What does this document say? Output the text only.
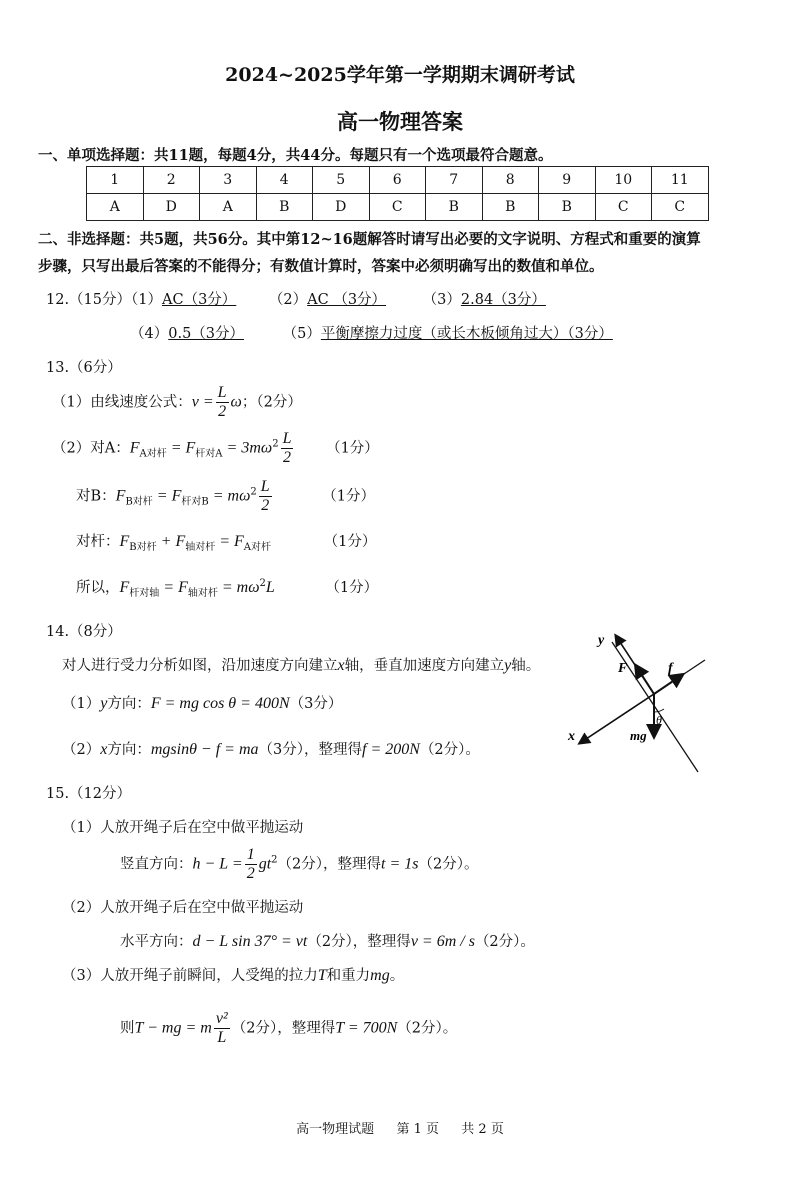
2024~2025学年第一学期期末调研考试
高一物理答案
一、单项选择题：共11题，每题4分，共44分。每题只有一个选项最符合题意。
1	2	3	4	5	6	7	8	9	10	11
A	D	A	B	D	C	B	B	B	C	C
二、非选择题：共5题，共56分。其中第12~16题解答时请写出必要的文字说明、方程式和重要的演算
步骤，只写出最后答案的不能得分；有数值计算时，答案中必须明确写出的数值和单位。
12.（15分）（1）AC（3分） （2）AC （3分）	（3）2.84（3分）
（4）0.5（3分）	（5）平衡摩擦力过度（或长木板倾角过大）（3分）
13.（6分）
（1）由线速度公式：$v = \frac{L}{2}$ ω；（2分）
（2）对A：$F_{A对杆} = F_{杆对A} = 3m\omega^2 \frac{L}{2} (1$分）
对B：$F_{B对杆} = F_{杆对B} = m\omega^2 \frac{L}{2}$	（1分）
对杆：$F_{B对杆} + F_{轴对杆} = F_{A对杆}$	（1分）
所以，$F_{杆对轴} = F_{轴对杆} = m\omega^2L$	（1分）
14.（8分）
对人进行受力分析如图，沿加速度方向建立x轴，垂直加速度方向建立y轴。
（1）y方向：F = mg cos θ = 400N（3分）
（2）x方向：mgsinθ − f = ma（3分），整理得f = 200N（2分）。
y
x
F	f
θ
mg
15.（12分）
（1）人放开绳子后在空中做平抛运动
竖直方向：$h - L = \frac{1}{2} gt^2(2$分），整理得t = 1s（2分）。
（2）人放开绳子后在空中做平抛运动
水平方向：d − L sin 37° = vt（2分），整理得v = 6m / s（2分）。
（3）人放开绳子前瞬间，人受绳的拉力T和重力mg。
则T − mg = m $\frac{\text{v²}}{L} (2$分），整理得T = 700N（2分）。
高一物理试题 第 1 页 共 2 页
